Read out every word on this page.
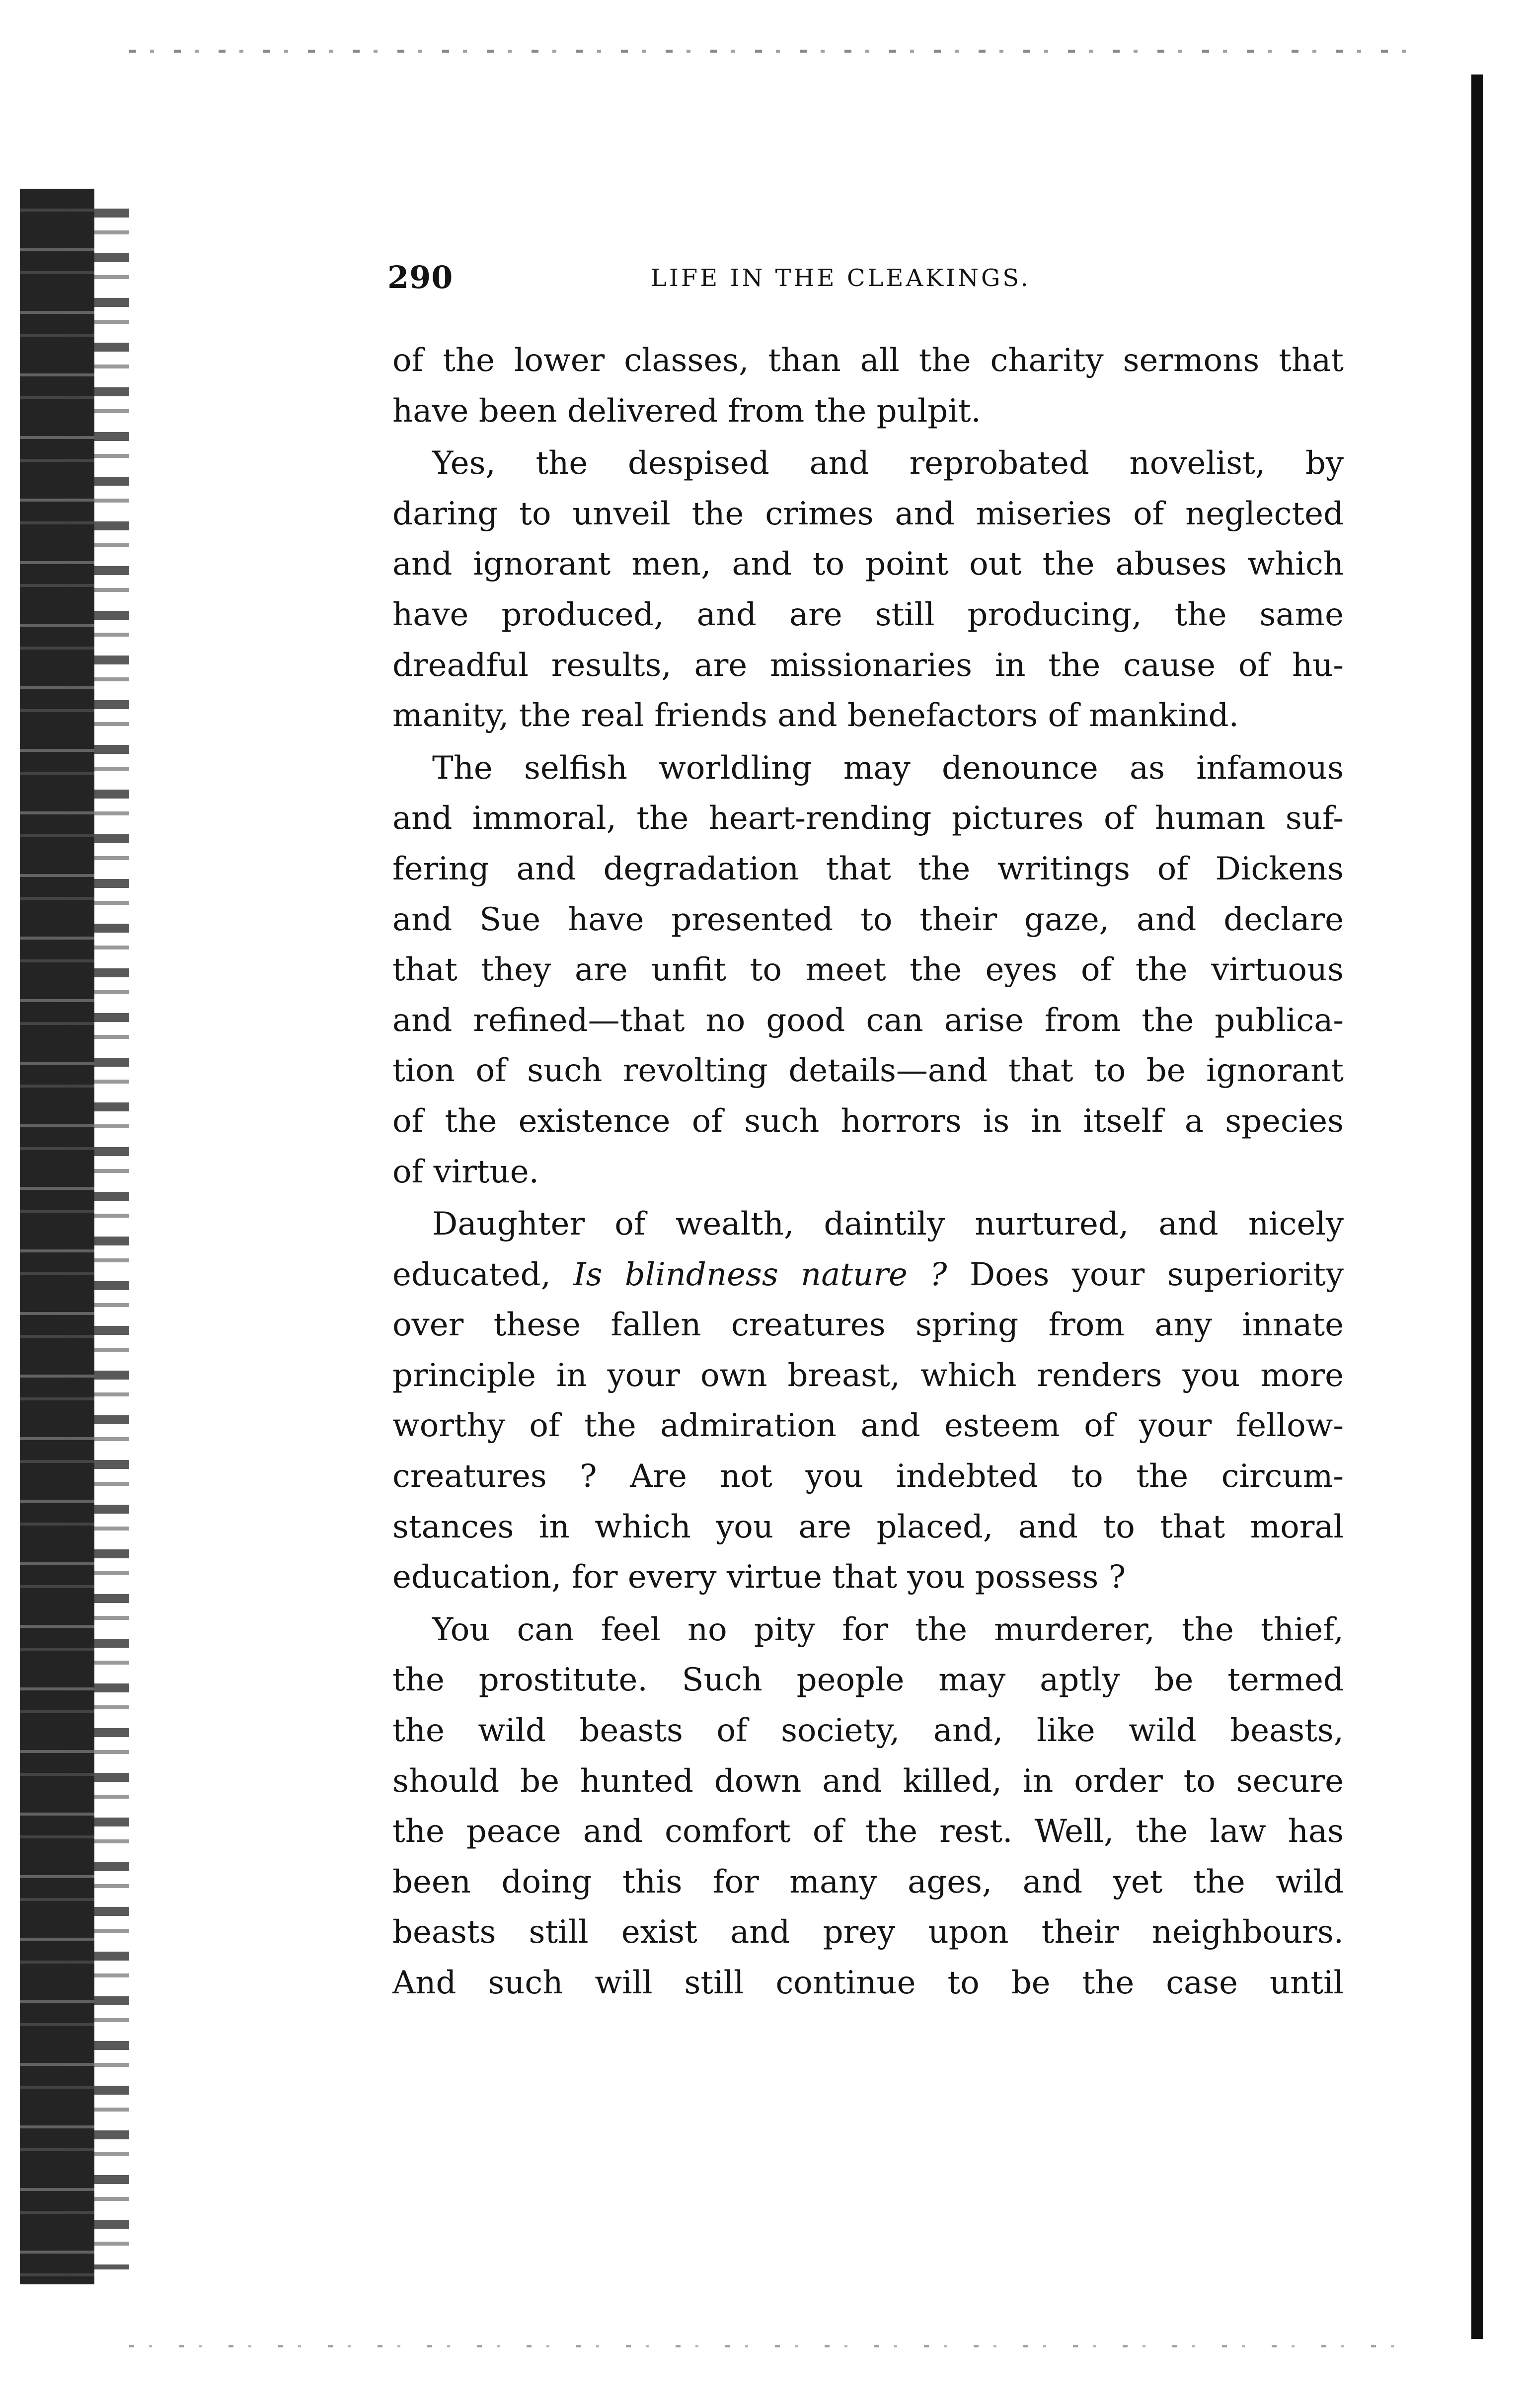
290	LIFE IN THE CLEAKINGS.
of the lower classes, than all the charity sermons that
have been delivered from the pulpit.
Yes, the despised and reprobated novelist, by
daring to unveil the crimes and miseries of neglected
and ignorant men, and to point out the abuses which
have produced, and are still producing, the same
dreadful results, are missionaries in the cause of hu-
manity, the real friends and benefactors of mankind.
The selfish worldling may denounce as infamous
and immoral, the heart-rending pictures of human suf-
fering and degradation that the writings of Dickens
and Sue have presented to their gaze, and declare
that they are unfit to meet the eyes of the virtuous
and refined—that no good can arise from the publica-
tion of such revolting details—and that to be ignorant
of the existence of such horrors is in itself a species
of virtue.
Daughter of wealth, daintily nurtured, and nicely
educated, Is blindness nature ? Does your superiority
over these fallen creatures spring from any innate
principle in your own breast, which renders you more
worthy of the admiration and esteem of your fellow-
creatures ? Are not you indebted to the circum-
stances in which you are placed, and to that moral
education, for every virtue that you possess ?
You can feel no pity for the murderer, the thief,
the prostitute. Such people may aptly be termed
the wild beasts of society, and, like wild beasts,
should be hunted down and killed, in order to secure
the peace and comfort of the rest. Well, the law has
been doing this for many ages, and yet the wild
beasts still exist and prey upon their neighbours.
And such will still continue to be the case until
